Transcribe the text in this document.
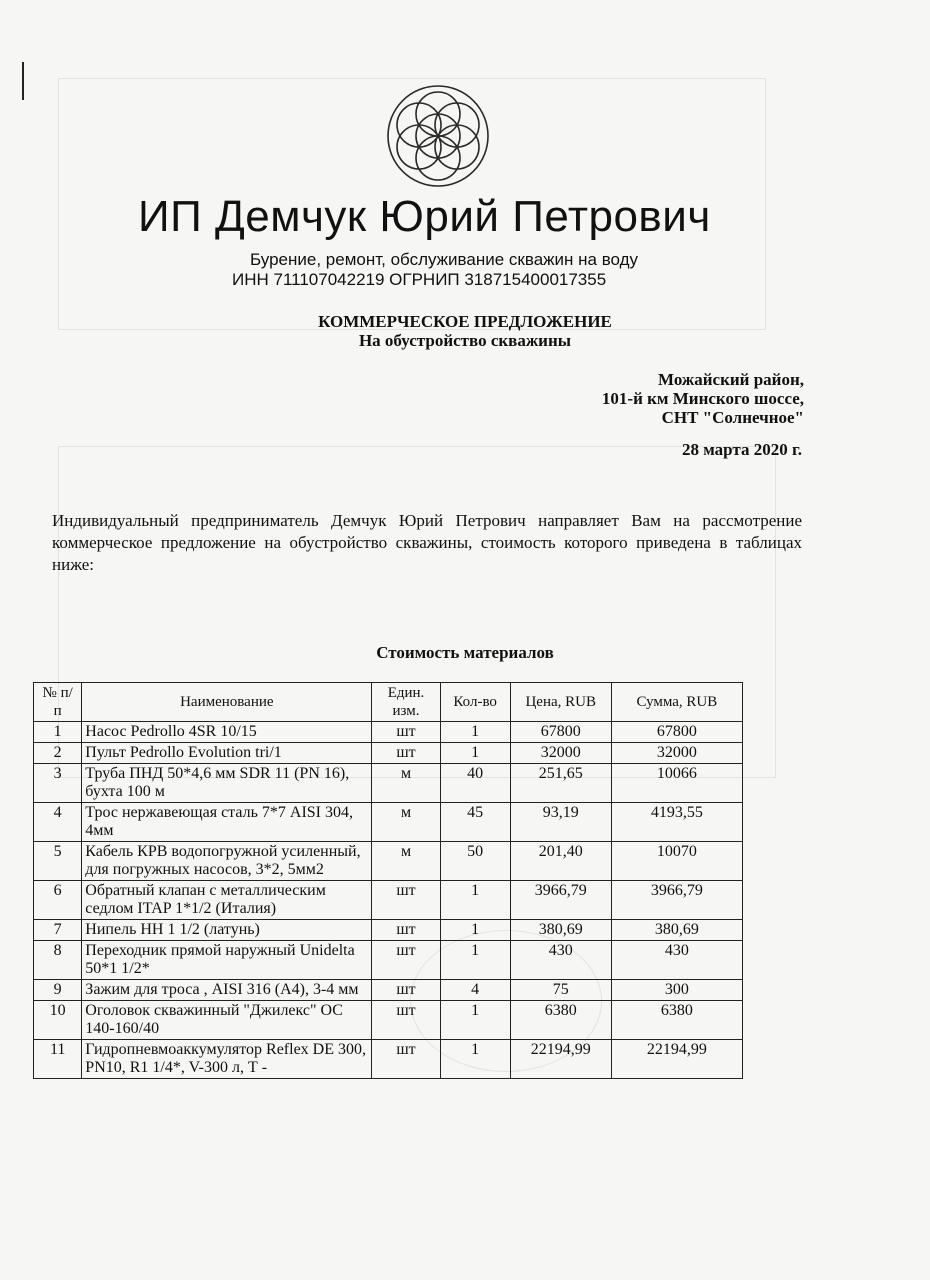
ИП Демчук Юрий Петрович
Бурение, ремонт, обслуживание скважин на воду
ИНН 711107042219 ОГРНИП 318715400017355
КОММЕРЧЕСКОЕ ПРЕДЛОЖЕНИЕ
На обустройство скважины
Можайский район,
101-й км Минского шоссе,
СНТ "Солнечное"
28 марта 2020 г.
Индивидуальный предприниматель Демчук Юрий Петрович направляет Вам на рассмотрение коммерческое предложение на обустройство скважины, стоимость которого приведена в таблицах ниже:
Стоимость материалов
№ п/ п	Наименование	Един. изм.	Кол-во	Цена, RUB	Сумма, RUB
1	Насос Pedrollo 4SR 10/15	шт	1	67800	67800
2	Пульт Pedrollo Evolution tri/1	шт	1	32000	32000
3	Труба ПНД 50*4,6 мм SDR 11 (PN 16), бухта 100 м	м	40	251,65	10066
4	Трос нержавеющая сталь 7*7 AISI 304, 4мм	м	45	93,19	4193,55
5	Кабель КРВ водопогружной усиленный, для погружных насосов, 3*2, 5мм2	м	50	201,40	10070
6	Обратный клапан с металлическим седлом ITAP 1*1/2 (Италия)	шт	1	3966,79	3966,79
7	Нипель НН 1 1/2 (латунь)	шт	1	380,69	380,69
8	Переходник прямой наружный Unidelta 50*1 1/2*	шт	1	430	430
9	Зажим для троса , AISI 316 (A4), 3-4 мм	шт	4	75	300
10	Оголовок скважинный "Джилекс" ОС 140-160/40	шт	1	6380	6380
11	Гидропневмоаккумулятор Reflex DE 300, PN10, R1 1/4*, V-300 л, Т -	шт	1	22194,99	22194,99
